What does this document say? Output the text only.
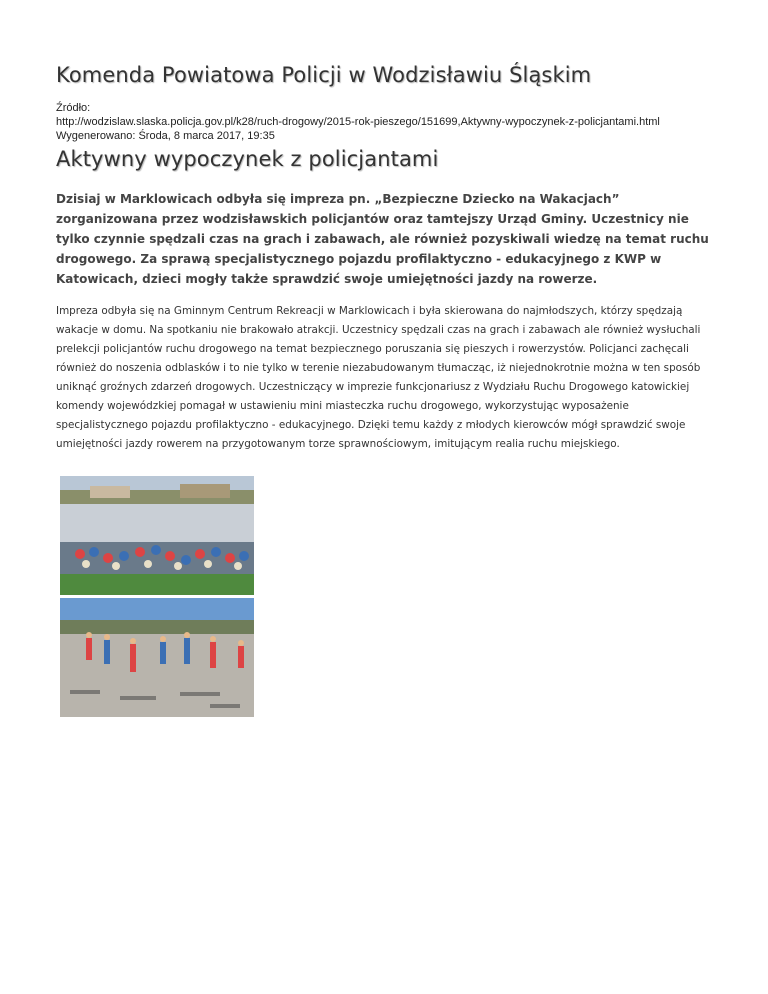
Komenda Powiatowa Policji w Wodzisławiu Śląskim
Źródło:
http://wodzislaw.slaska.policja.gov.pl/k28/ruch-drogowy/2015-rok-pieszego/151699,Aktywny-wypoczynek-z-policjantami.html
Wygenerowano: Środa, 8 marca 2017, 19:35
Aktywny wypoczynek z policjantami

Dzisiaj w Marklowicach odbyła się impreza pn. „Bezpieczne Dziecko na Wakacjach” zorganizowana przez wodzisławskich policjantów oraz tamtejszy Urząd Gminy. Uczestnicy nie tylko czynnie spędzali czas na grach i zabawach, ale również pozyskiwali wiedzę na temat ruchu drogowego. Za sprawą specjalistycznego pojazdu profilaktyczno - edukacyjnego z KWP w Katowicach, dzieci mogły także sprawdzić swoje umiejętności jazdy na rowerze.

Impreza odbyła się na Gminnym Centrum Rekreacji w Marklowicach i była skierowana do najmłodszych, którzy spędzają wakacje w domu. Na spotkaniu nie brakowało atrakcji. Uczestnicy spędzali czas na grach i zabawach ale również wysłuchali prelekcji policjantów ruchu drogowego na temat bezpiecznego poruszania się pieszych i rowerzystów. Policjanci zachęcali również do noszenia odblasków i to nie tylko w terenie niezabudowanym tłumacząc, iż niejednokrotnie można w ten sposób uniknąć groźnych zdarzeń drogowych. Uczestniczący w imprezie funkcjonariusz z Wydziału Ruchu Drogowego katowickiej komendy wojewódzkiej pomagał w ustawieniu mini miasteczka ruchu drogowego, wykorzystując wyposażenie specjalistycznego pojazdu profilaktyczno - edukacyjnego. Dzięki temu każdy z młodych kierowców mógł sprawdzić swoje umiejętności jazdy rowerem na przygotowanym torze sprawnościowym, imitującym realia ruchu miejskiego.
